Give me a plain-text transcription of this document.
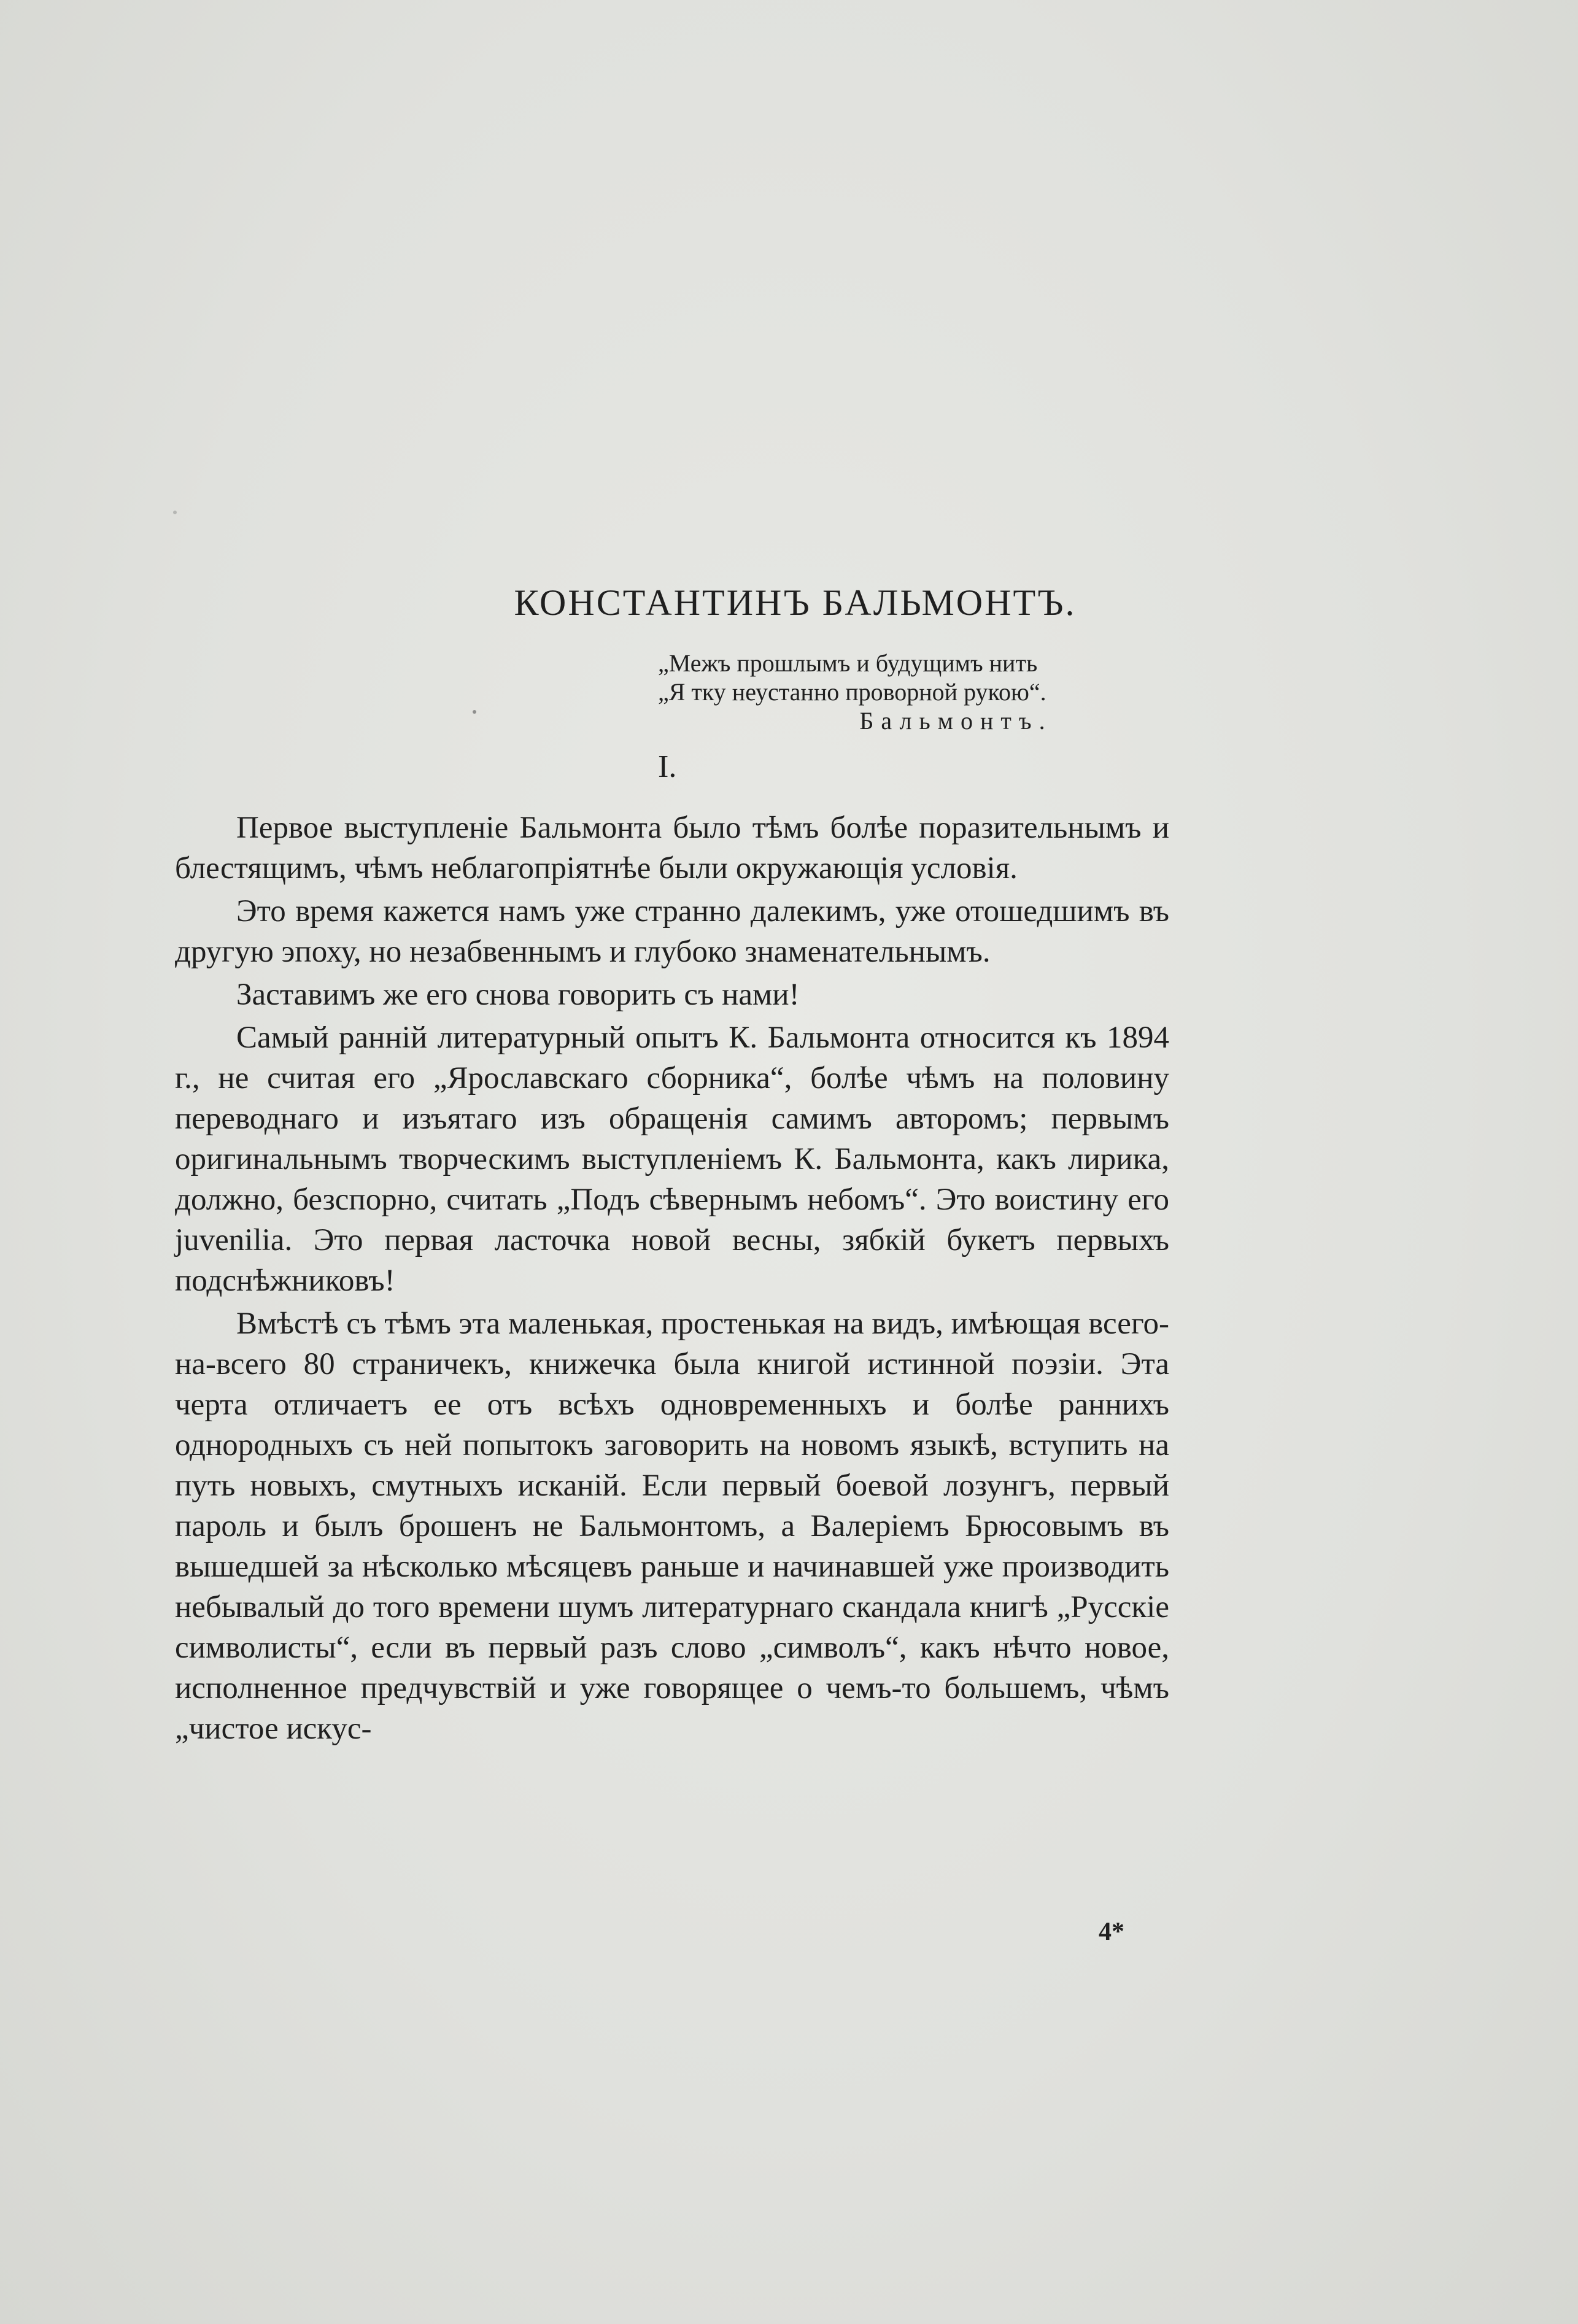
КОНСТАНТИНЪ БАЛЬМОНТЪ.
„Межъ прошлымъ и будущимъ нить
„Я тку неустанно проворной рукою“.
Бальмонтъ.
I.

Первое выступленіе Бальмонта было тѣмъ болѣе поразительнымъ и блестящимъ, чѣмъ неблагопріятнѣе были окружающія условія.

Это время кажется намъ уже странно далекимъ, уже отошедшимъ въ другую эпоху, но незабвеннымъ и глубоко знаменательнымъ.

Заставимъ же его снова говорить съ нами!

Самый ранній литературный опытъ К. Бальмонта относится къ 1894 г., не считая его „Ярославскаго сборника“, болѣе чѣмъ на половину переводнаго и изъятаго изъ обращенія самимъ авторомъ; первымъ оригинальнымъ творческимъ выступленіемъ К. Бальмонта, какъ лирика, должно, безспорно, считать „Подъ сѣвернымъ небомъ“. Это воистину его juvenilia. Это первая ласточка новой весны, зябкій букетъ первыхъ подснѣжниковъ!

Вмѣстѣ съ тѣмъ эта маленькая, простенькая на видъ, имѣющая всего-на-всего 80 страничекъ, книжечка была книгой истинной поэзіи. Эта черта отличаетъ ее отъ всѣхъ одновременныхъ и болѣе раннихъ однородныхъ съ ней попытокъ заговорить на новомъ языкѣ, вступить на путь новыхъ, смутныхъ исканій. Если первый боевой лозунгъ, первый пароль и былъ брошенъ не Бальмонтомъ, а Валеріемъ Брюсовымъ въ вышедшей за нѣсколько мѣсяцевъ раньше и начинавшей уже производить небывалый до того времени шумъ литературнаго скандала книгѣ „Русскіе символисты“, если въ первый разъ слово „символъ“, какъ нѣчто новое, исполненное предчувствій и уже говорящее о чемъ-то большемъ, чѣмъ „чистое искус-

4*
